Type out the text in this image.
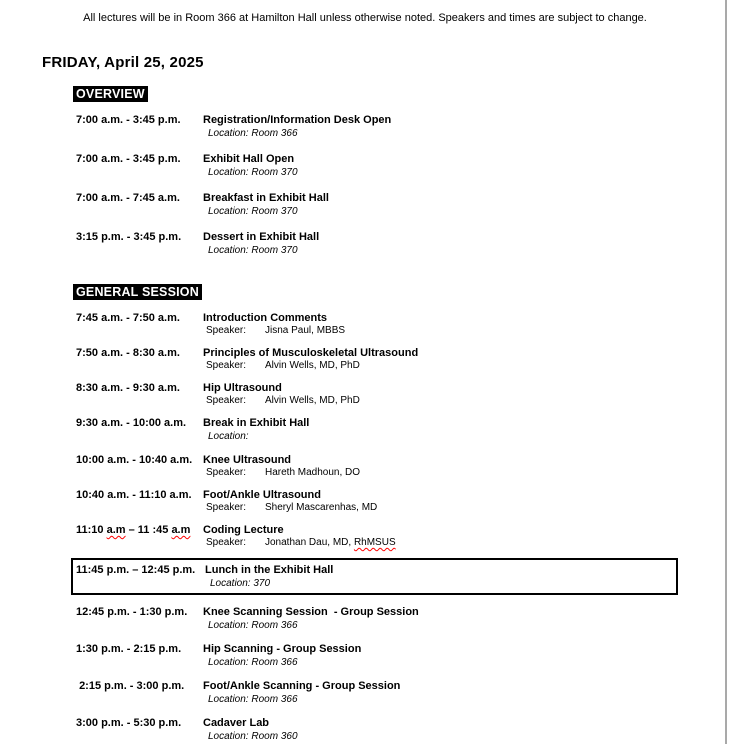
All lectures will be in Room 366 at Hamilton Hall unless otherwise noted. Speakers and times are subject to change.
FRIDAY, April 25, 2025
OVERVIEW

7:00 a.m. - 3:45 p.m.	Registration/Information Desk Open
Location: Room 366
7:00 a.m. - 3:45 p.m.	Exhibit Hall Open
Location: Room 370
7:00 a.m. - 7:45 a.m.	Breakfast in Exhibit Hall
Location: Room 370
3:15 p.m. - 3:45 p.m.	Dessert in Exhibit Hall
Location: Room 370
GENERAL SESSION

7:45 a.m. - 7:50 a.m.	Introduction Comments
Speaker:	Jisna Paul, MBBS
7:50 a.m. - 8:30 a.m.	Principles of Musculoskeletal Ultrasound
Speaker:	Alvin Wells, MD, PhD
8:30 a.m. - 9:30 a.m.	Hip Ultrasound
Speaker:	Alvin Wells, MD, PhD
9:30 a.m. - 10:00 a.m.	Break in Exhibit Hall
Location:
10:00 a.m. - 10:40 a.m. Knee Ultrasound
Speaker:	Hareth Madhoun, DO
10:40 a.m. - 11:10 a.m.	Foot/Ankle Ultrasound
Speaker:	Sheryl Mascarenhas, MD
11:10 a.m – 11 :45 a.m	Coding Lecture
Speaker:	Jonathan Dau, MD, RhMSUS
11:45 p.m. – 12:45 p.m. Lunch in the Exhibit Hall
Location: 370
12:45 p.m. - 1:30 p.m.	Knee Scanning Session  - Group Session
Location: Room 366
1:30 p.m. - 2:15 p.m.	Hip Scanning - Group Session
Location: Room 366
2:15 p.m. - 3:00 p.m.	Foot/Ankle Scanning - Group Session
Location: Room 366
3:00 p.m. - 5:30 p.m.	Cadaver Lab
Location: Room 360
